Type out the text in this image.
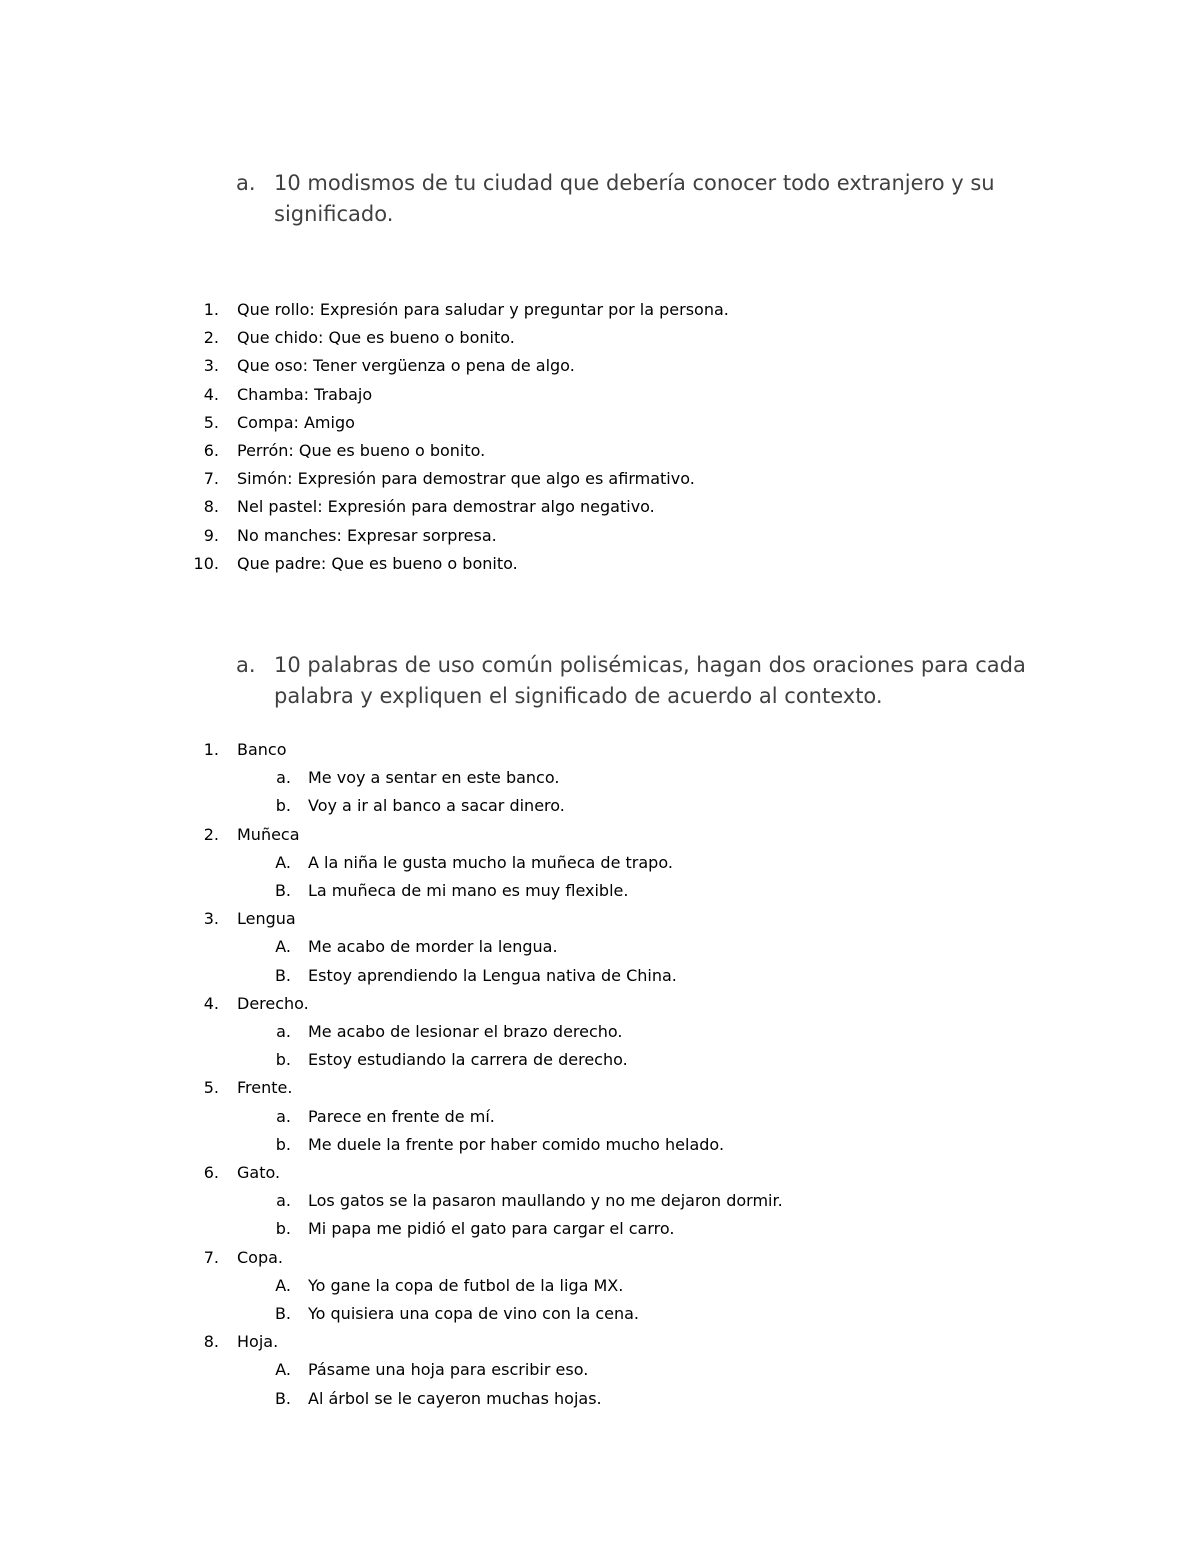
a. 10 modismos de tu ciudad que debería conocer todo extranjero y su significado.
1. Que rollo: Expresión para saludar y preguntar por la persona.
2. Que chido: Que es bueno o bonito.
3. Que oso: Tener vergüenza o pena de algo.
4. Chamba: Trabajo
5. Compa: Amigo
6. Perrón: Que es bueno o bonito.
7. Simón: Expresión para demostrar que algo es afirmativo.
8. Nel pastel: Expresión para demostrar algo negativo.
9. No manches: Expresar sorpresa.
10. Que padre: Que es bueno o bonito.
a. 10 palabras de uso común polisémicas, hagan dos oraciones para cada palabra y expliquen el significado de acuerdo al contexto.
1. Banco
a. Me voy a sentar en este banco.
b. Voy a ir al banco a sacar dinero.
2. Muñeca
A. A la niña le gusta mucho la muñeca de trapo.
B. La muñeca de mi mano es muy flexible.
3. Lengua
A. Me acabo de morder la lengua.
B. Estoy aprendiendo la Lengua nativa de China.
4. Derecho.
a. Me acabo de lesionar el brazo derecho.
b. Estoy estudiando la carrera de derecho.
5. Frente.
a. Parece en frente de mí.
b. Me duele la frente por haber comido mucho helado.
6. Gato.
a. Los gatos se la pasaron maullando y no me dejaron dormir.
b. Mi papa me pidió el gato para cargar el carro.
7. Copa.
A. Yo gane la copa de futbol de la liga MX.
B. Yo quisiera una copa de vino con la cena.
8. Hoja.
A. Pásame una hoja para escribir eso.
B. Al árbol se le cayeron muchas hojas.
